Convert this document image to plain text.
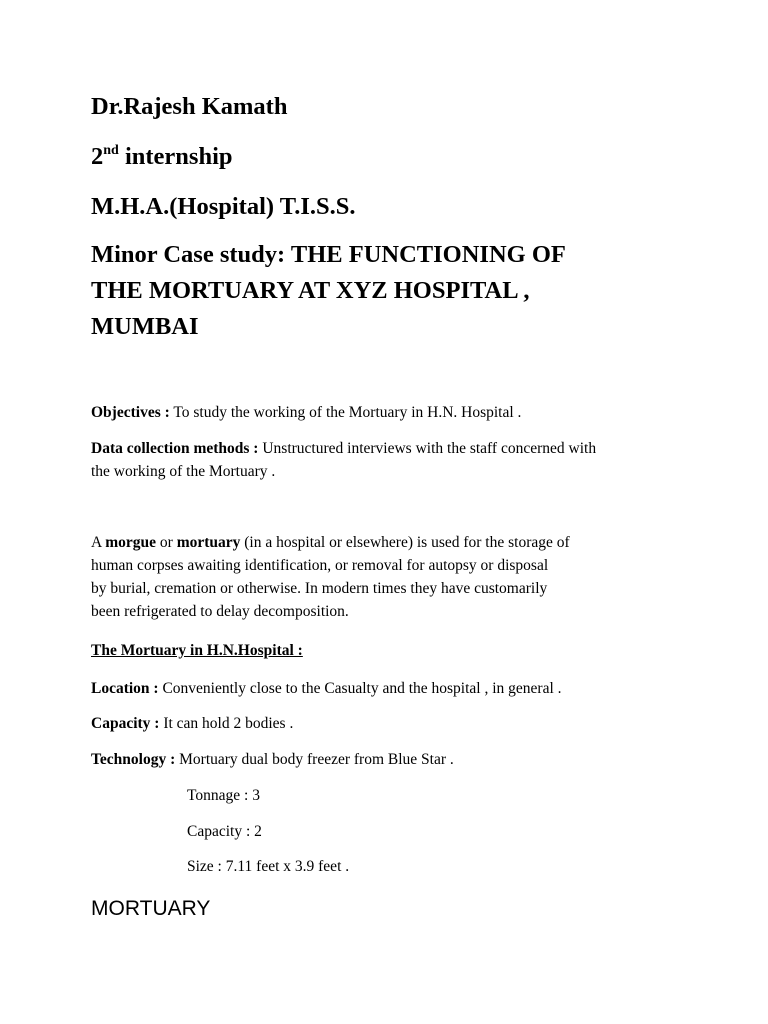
Dr.Rajesh Kamath
2nd internship
M.H.A.(Hospital) T.I.S.S.
Minor Case study: THE FUNCTIONING OF
THE MORTUARY AT XYZ HOSPITAL ,
MUMBAI
Objectives : To study the working of the Mortuary in H.N. Hospital .
Data collection methods : Unstructured interviews with the staff concerned with
the working of the Mortuary .
A morgue or mortuary (in a hospital or elsewhere) is used for the storage of
human corpses awaiting identification, or removal for autopsy or disposal
by burial, cremation or otherwise. In modern times they have customarily
been refrigerated to delay decomposition.
The Mortuary in H.N.Hospital :
Location : Conveniently close to the Casualty and the hospital , in general .
Capacity : It can hold 2 bodies .
Technology : Mortuary dual body freezer from Blue Star .
Tonnage : 3
Capacity : 2
Size : 7.11 feet x 3.9 feet .
MORTUARY
